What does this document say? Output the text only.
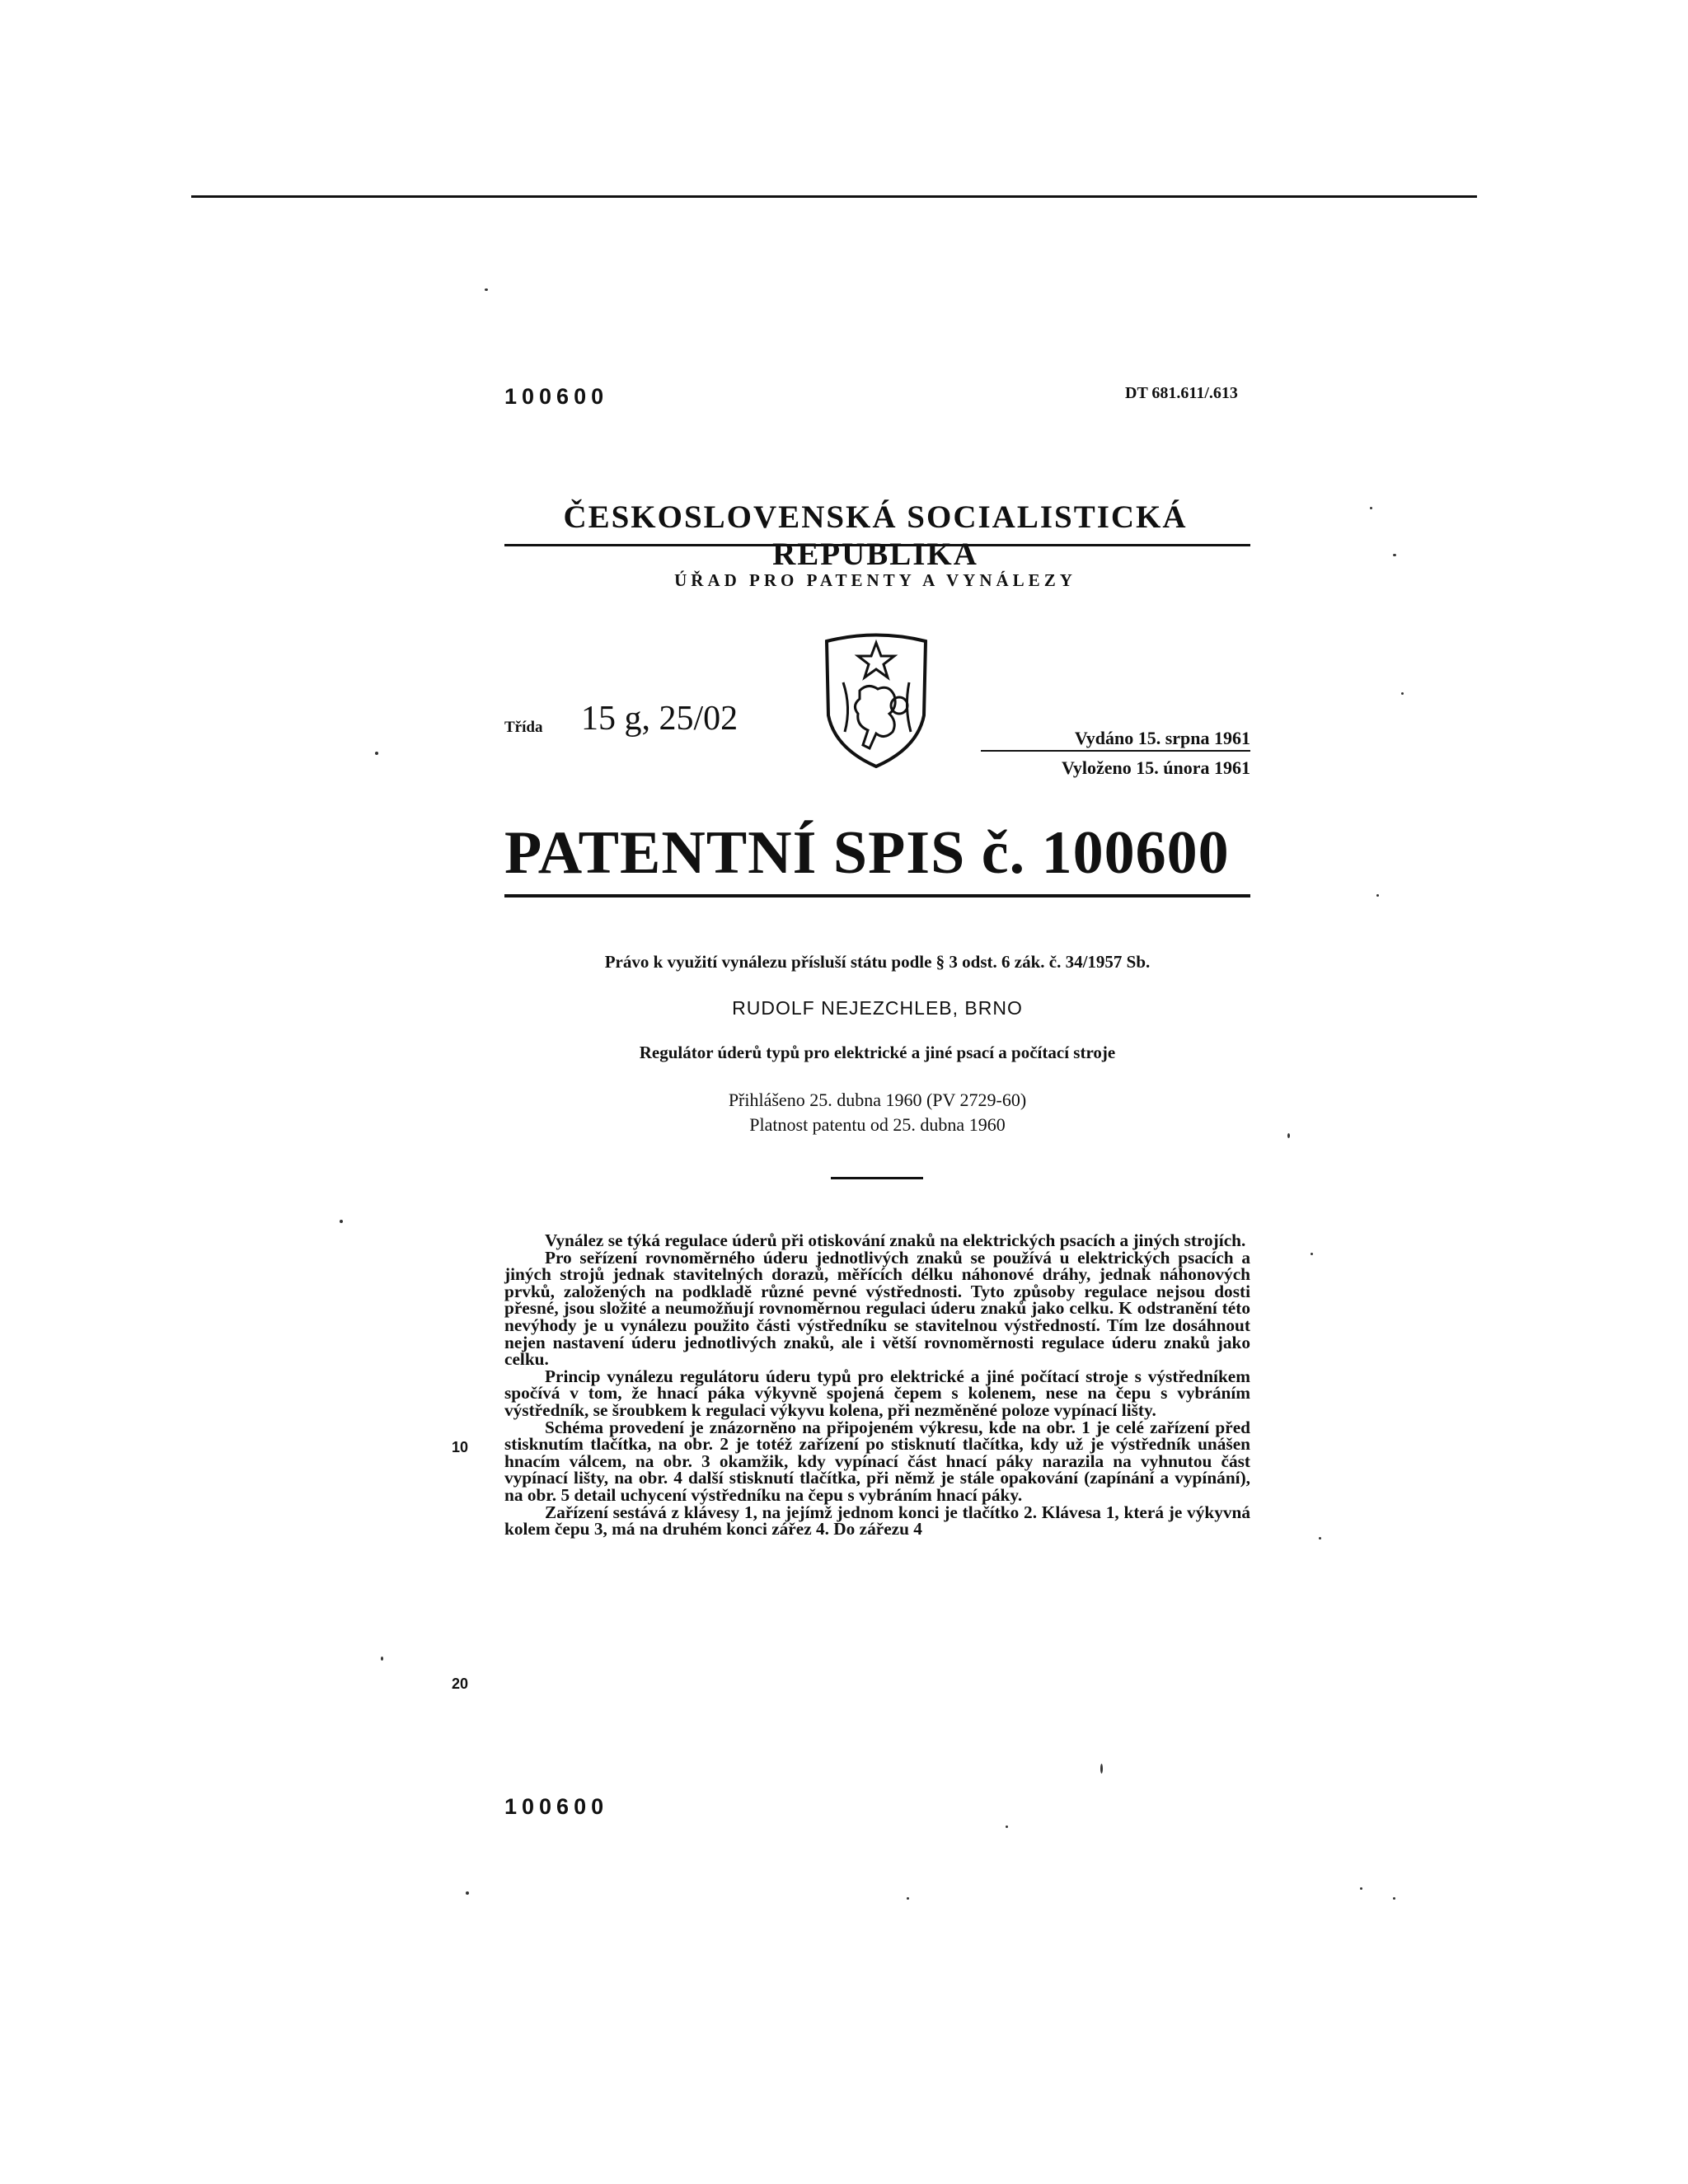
100600	DT 681.611/.613
ČESKOSLOVENSKÁ SOCIALISTICKÁ REPUBLIKA
ÚŘAD PRO PATENTY A VYNÁLEZY
Třída 15 g, 25/02
Vydáno 15. srpna 1961
Vyloženo 15. února 1961
PATENTNÍ SPIS č. 100600
Právo k využití vynálezu přísluší státu podle § 3 odst. 6 zák. č. 34/1957 Sb.
RUDOLF NEJEZCHLEB, BRNO
Regulátor úderů typů pro elektrické a jiné psací a počítací stroje
Přihlášeno 25. dubna 1960 (PV 2729-60)
Platnost patentu od 25. dubna 1960

Vynález se týká regulace úderů při otiskování znaků na elektrických psacích a jiných strojích.

Pro seřízení rovnoměrného úderu jednotlivých znaků se používá u elektrických psacích a jiných strojů jednak stavitelných dorazů, měřících délku náhonové dráhy, jednak náhonových prvků, založených na podkladě různé pevné výstřednosti. Tyto způsoby regulace nejsou dosti přesné, jsou složité a neumožňují rovnoměrnou regulaci úderu znaků jako celku. K odstranění této nevýhody je u vynálezu použito části výstředníku se stavitelnou výstředností. Tím lze dosáhnout nejen nastavení úderu jednotlivých znaků, ale i větší rovnoměrnosti regulace úderu znaků jako celku.

Princip vynálezu regulátoru úderu typů pro elektrické a jiné počítací stroje s výstředníkem spočívá v tom, že hnací páka výkyvně spojená čepem s kolenem, nese na čepu s vybráním výstředník, se šroubkem k regulaci výkyvu kolena, při nezměněné poloze vypínací lišty.

Schéma provedení je znázorněno na připojeném výkresu, kde na obr. 1 je celé zařízení před stisknutím tlačítka, na obr. 2 je totéž zařízení po stisknutí tlačítka, kdy už je výstředník unášen hnacím válcem, na obr. 3 okamžik, kdy vypínací část hnací páky narazila na vyhnutou část vypínací lišty, na obr. 4 další stisknutí tlačítka, při němž je stále opakování (zapínání a vypínání), na obr. 5 detail uchycení výstředníku na čepu s vybráním hnací páky.

Zařízení sestává z klávesy 1, na jejímž jednom konci je tlačítko 2. Klávesa 1, která je výkyvná kolem čepu 3, má na druhém konci zářez 4. Do zářezu 4

10
20
100600
